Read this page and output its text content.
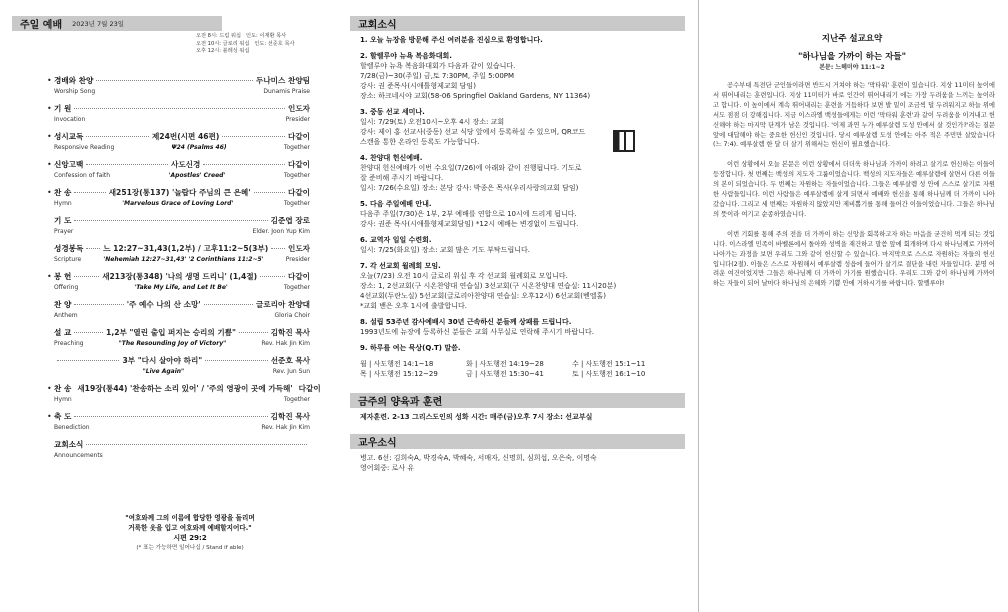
주일 예배 2023년 7월 23일
오전 8시: 드림 워십 인도: 이재환 목사
오전 10시: 글로리 워십 인도: 선준호 목사
오후 12시: 블레싱 워십
• 경배와 찬양	두나미스 찬양팀
Worship Song	Dunamis Praise
• 기 원	인도자
Invocation	Presider
• 성시교독	제24번(시편 46편)	다같이
Responsive Reading	Ψ24 (Psalms 46)	Together
• 신앙고백	사도신경	다같이
Confession of faith	'Apostles' Creed'	Together
• 찬 송	새251장(통137) '놀랍다 주님의 큰 은혜'	다같이
Hymn	'Marvelous Grace of Loving Lord'	Together
기 도	김준엽 장로
Prayer	Elder. Joon Yup Kim
성경봉독	느 12:27~31,43(1,2부) / 고후11:2~5(3부)	인도자
Scripture	'Nehemiah 12:27~31,43' '2 Corinthians 11:2~5'	Presider
• 봉 헌	새213장(통348) '나의 생명 드리니' (1,4절)	다같이
Offering	'Take My Life, and Let It Be'	Together
찬 양	'주 예수 나의 산 소망'	글로리아 찬양대
Anthem	Gloria Choir
설 교	1,2부 "열린 출입 퍼지는 승리의 기쁨"	김학진 목사
Preaching	"The Resounding Joy of Victory"	Rev. Hak Jin Kim
3부 "다시 살아야 하리"	선준호 목사
"Live Again"	Rev. Jun Sun
• 찬 송 새19장(통44) '찬송하는 소리 있어' / '주의 영광이 곳에 가득해' 다같이
Hymn	Together
• 축 도	김학진 목사
Benediction	Rev. Hak Jin Kim
교회소식
Announcements
"여호와께 그의 이름에 합당한 영광을 돌리며
거룩한 옷을 입고 여호와께 예배할지어다."
시편 29:2
(* 표는 가능하면 일어나십 / Stand if able)
교회소식
1. 오늘 뉴장을 방문해 주신 여러분을 진심으로 환영합니다.
2. 할렐루야 뉴욕 복음화대회.
할렐루야 뉴욕 복음화대회가 다음과 같이 있습니다.
7/28(금)~30(주일) 금,토 7:30PM, 주일 5:00PM
강사: 권 준목사(시애틀형제교회 담임)
장소: 하크네시야 교회(58-06 Springfiel Oakland Gardens, NY 11364)
3. 중동 선교 세미나.
일시: 7/29(토) 오전10시~오후 4시 장소: 교회
강사: 제이 홍 선교사(중동) 선교 식당 앞에서 등록하실 수 있으며, QR코드
스캔을 통한 온라인 등록도 가능합니다.
4. 찬양대 헌신예배.
찬양대 헌신예배가 이번 수요일(7/26)에 아래와 같이 진행됩니다. 기도로
잘 준비해 주시기 바랍니다.
일시: 7/26(수요일) 장소: 본당 강사: 박종은 목사(우리사랑의교회 담임)
5. 다음 주일예배 안내.
다음주 주일(7/30)은 1부, 2부 예배를 연합으로 10시에 드리게 됩니다.
강사: 권준 목사(시애틀형제교회담임) *12시 예배는 변경없이 드립니다.
6. 교역자 일일 수련회.
일시: 7/25(화요일) 장소: 교회 많은 기도 부탁드립니다.
7. 각 선교회 월례회 모임.
오늘(7/23) 오전 10시 글로리 워십 후 각 선교회 월례회로 모입니다.
장소: 1, 2선교회(구 시온찬양대 연습실) 3선교회(구 시온찬양대 연습실: 11시20분)
4선교회(두란노실) 5선교회(글로리아찬양대 연습실: 오후12시) 6선교회(벧엘홀)
*교회 밴은 오후 1시에 출발합니다.
8. 설립 53주년 감사예배시 30년 근속하신 분들께 상패를 드립니다.
1993년도에 뉴장에 등록하신 분들은 교회 사무실로 연락해 주시기 바랍니다.
9. 하루를 여는 묵상(Q.T) 말씀.
월 | 사도행전 14:1~18	화 | 사도행전 14:19~28	수 | 사도행전 15:1~11
목 | 사도행전 15:12~29	금 | 사도행전 15:30~41	토 | 사도행전 16:1~10
금주의 양육과 훈련
제자훈련. 2-13 그리스도인의 성화 시간: 매주(금)오후 7시 장소: 선교부실
교우소식
병고. 6선: 김희숙A, 박경숙A, 박혜숙, 서매자, 신명희, 심희섭, 오은숙, 이명숙
영어회중: 로사 유
지난주 설교요약
"하나님을 가까이 하는 자들"
본문: 느헤미야 11:1~2
공수부대 특전단 군인들이라면 반드시 거쳐야 하는 '막타워' 훈련이 있습니다. 지상 11미터 높이에서 뛰어내리는 훈련입니다. 지상 11미터가 바로 인간이 뛰어내리기 에는 가장 두려움을 느끼는 높이라고 합니다. 이 높이에서 계속 뛰어내리는 훈련을 거듭하다 보면 발 밑이 조금씩 덜 두려워지고 하늘 위에서도 점점 더 강해집니다. 지금 이스라엘 백성들에게는 이런 '막타워 훈련'과 같이 두려움을 이겨내고 헌신해야 하는 마지막 단계가 남은 것입니다. '이제 과연 누가 예루살렘 도성 안에서 살 것인가?'라는 질문 앞에 대답해야 하는 중요한 헌신인 것입니다. 당시 예루살렘 도성 안에는 아주 적은 주민만 살았습니다(느 7:4). 예루살렘 한 달 더 살기 위해서는 헌신이 필요했습니다.
이런 상황에서 오늘 본문은 이런 상황에서 더더욱 하나님과 가까이 하려고 살기로 헌신하는 이들이 등장합니다. 첫 번째는 백성의 지도자 그룹이었습니다. 백성의 지도자들은 예루살렘에 살면서 다른 이들의 본이 되었습니다. 두 번째는 자원하는 자들이었습니다. 그들은 예루살렘 성 안에 스스로 살기로 자원한 사람들입니다. 이런 사람들은 예루살렘에 살게 되면서 예배와 헌신을 통해 하나님께 더 가까이 나아갔습니다. 그리고 세 번째는 자원하지 않았지만 제비뽑기를 통해 들어간 이들이었습니다. 그들은 하나님의 뜻이라 여기고 순종하였습니다.
이번 기회를 통해 주의 전을 더 가까이 하는 신앙을 회복하고자 하는 마음을 굳건히 먹게 되는 것입니다. 이스라엘 민족이 바벨론에서 돌아와 성벽을 재건하고 말씀 앞에 회개하며 다시 하나님께로 가까이 나아가는 과정을 보면 우리도 그와 같이 헌신할 수 있습니다. 마지막으로 스스로 자원하는 자들의 헌신입니다(2절). 이들은 스스로 자원해서 예루살렘 성읍에 들어가 살기로 결단을 내린 자들입니다. 분명 어려운 여건이었지만 그들은 하나님께 더 가까이 가기를 원했습니다. 우리도 그와 같이 하나님께 가까이 하는 자들이 되어 날마다 하나님의 은혜와 기쁨 안에 거하시기를 바랍니다. 할렐루야!
